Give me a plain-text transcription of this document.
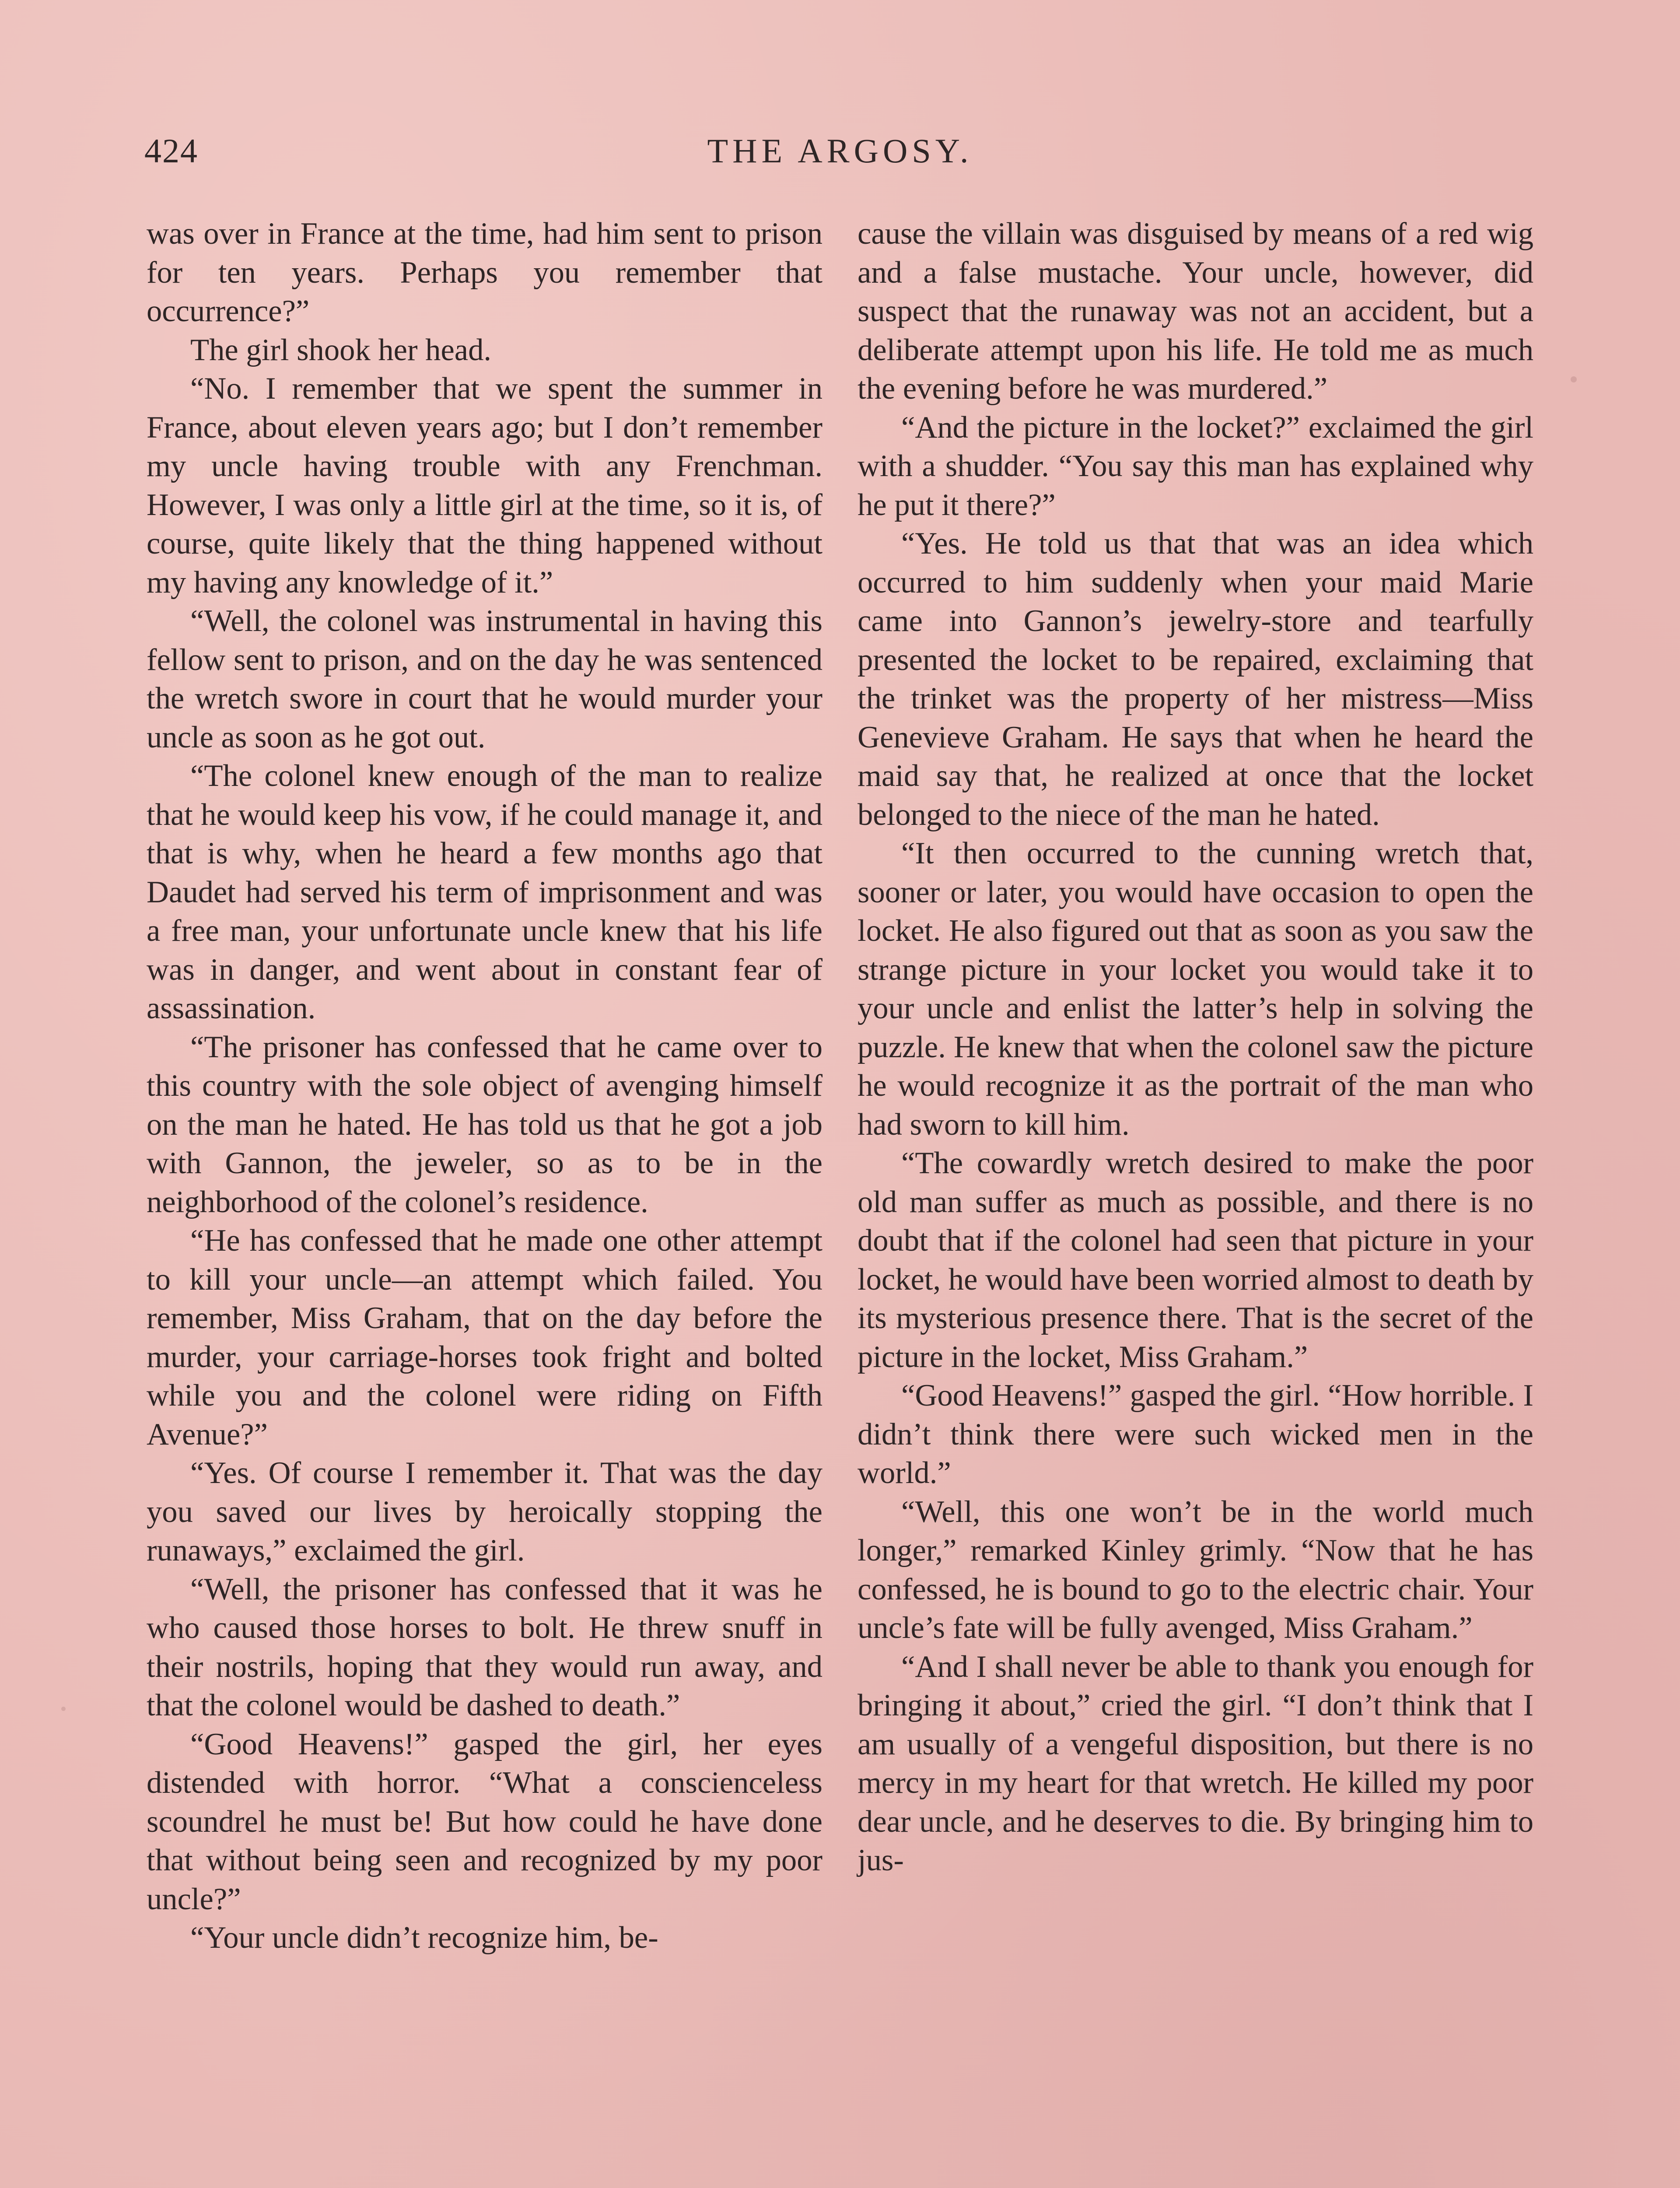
424	THE ARGOSY.

was over in France at the time, had him sent to prison for ten years. Perhaps you remember that occurrence?”

The girl shook her head.

“No. I remember that we spent the summer in France, about eleven years ago; but I don’t remember my uncle having trouble with any Frenchman. However, I was only a little girl at the time, so it is, of course, quite likely that the thing happened without my having any knowledge of it.”

“Well, the colonel was instrumental in having this fellow sent to prison, and on the day he was sentenced the wretch swore in court that he would murder your uncle as soon as he got out.

“The colonel knew enough of the man to realize that he would keep his vow, if he could manage it, and that is why, when he heard a few months ago that Daudet had served his term of imprisonment and was a free man, your unfortunate uncle knew that his life was in danger, and went about in constant fear of assassination.

“The prisoner has confessed that he came over to this country with the sole object of avenging himself on the man he hated. He has told us that he got a job with Gannon, the jeweler, so as to be in the neighborhood of the colonel’s residence.

“He has confessed that he made one other attempt to kill your uncle—an attempt which failed. You remember, Miss Graham, that on the day before the murder, your carriage-horses took fright and bolted while you and the colonel were riding on Fifth Avenue?”

“Yes. Of course I remember it. That was the day you saved our lives by heroically stopping the runaways,” exclaimed the girl.

“Well, the prisoner has confessed that it was he who caused those horses to bolt. He threw snuff in their nostrils, hoping that they would run away, and that the colonel would be dashed to death.”

“Good Heavens!” gasped the girl, her eyes distended with horror. “What a conscienceless scoundrel he must be! But how could he have done that without being seen and recognized by my poor uncle?”

“Your uncle didn’t recognize him, be-

cause the villain was disguised by means of a red wig and a false mustache. Your uncle, however, did suspect that the runaway was not an accident, but a deliberate attempt upon his life. He told me as much the evening before he was murdered.”

“And the picture in the locket?” exclaimed the girl with a shudder. “You say this man has explained why he put it there?”

“Yes. He told us that that was an idea which occurred to him suddenly when your maid Marie came into Gannon’s jewelry-store and tearfully presented the locket to be repaired, exclaiming that the trinket was the property of her mistress—Miss Genevieve Graham. He says that when he heard the maid say that, he realized at once that the locket belonged to the niece of the man he hated.

“It then occurred to the cunning wretch that, sooner or later, you would have occasion to open the locket. He also figured out that as soon as you saw the strange picture in your locket you would take it to your uncle and enlist the latter’s help in solving the puzzle. He knew that when the colonel saw the picture he would recognize it as the portrait of the man who had sworn to kill him.

“The cowardly wretch desired to make the poor old man suffer as much as possible, and there is no doubt that if the colonel had seen that picture in your locket, he would have been worried almost to death by its mysterious presence there. That is the secret of the picture in the locket, Miss Graham.”

“Good Heavens!” gasped the girl. “How horrible. I didn’t think there were such wicked men in the world.”

“Well, this one won’t be in the world much longer,” remarked Kinley grimly. “Now that he has confessed, he is bound to go to the electric chair. Your uncle’s fate will be fully avenged, Miss Graham.”

“And I shall never be able to thank you enough for bringing it about,” cried the girl. “I don’t think that I am usually of a vengeful disposition, but there is no mercy in my heart for that wretch. He killed my poor dear uncle, and he deserves to die. By bringing him to jus-
